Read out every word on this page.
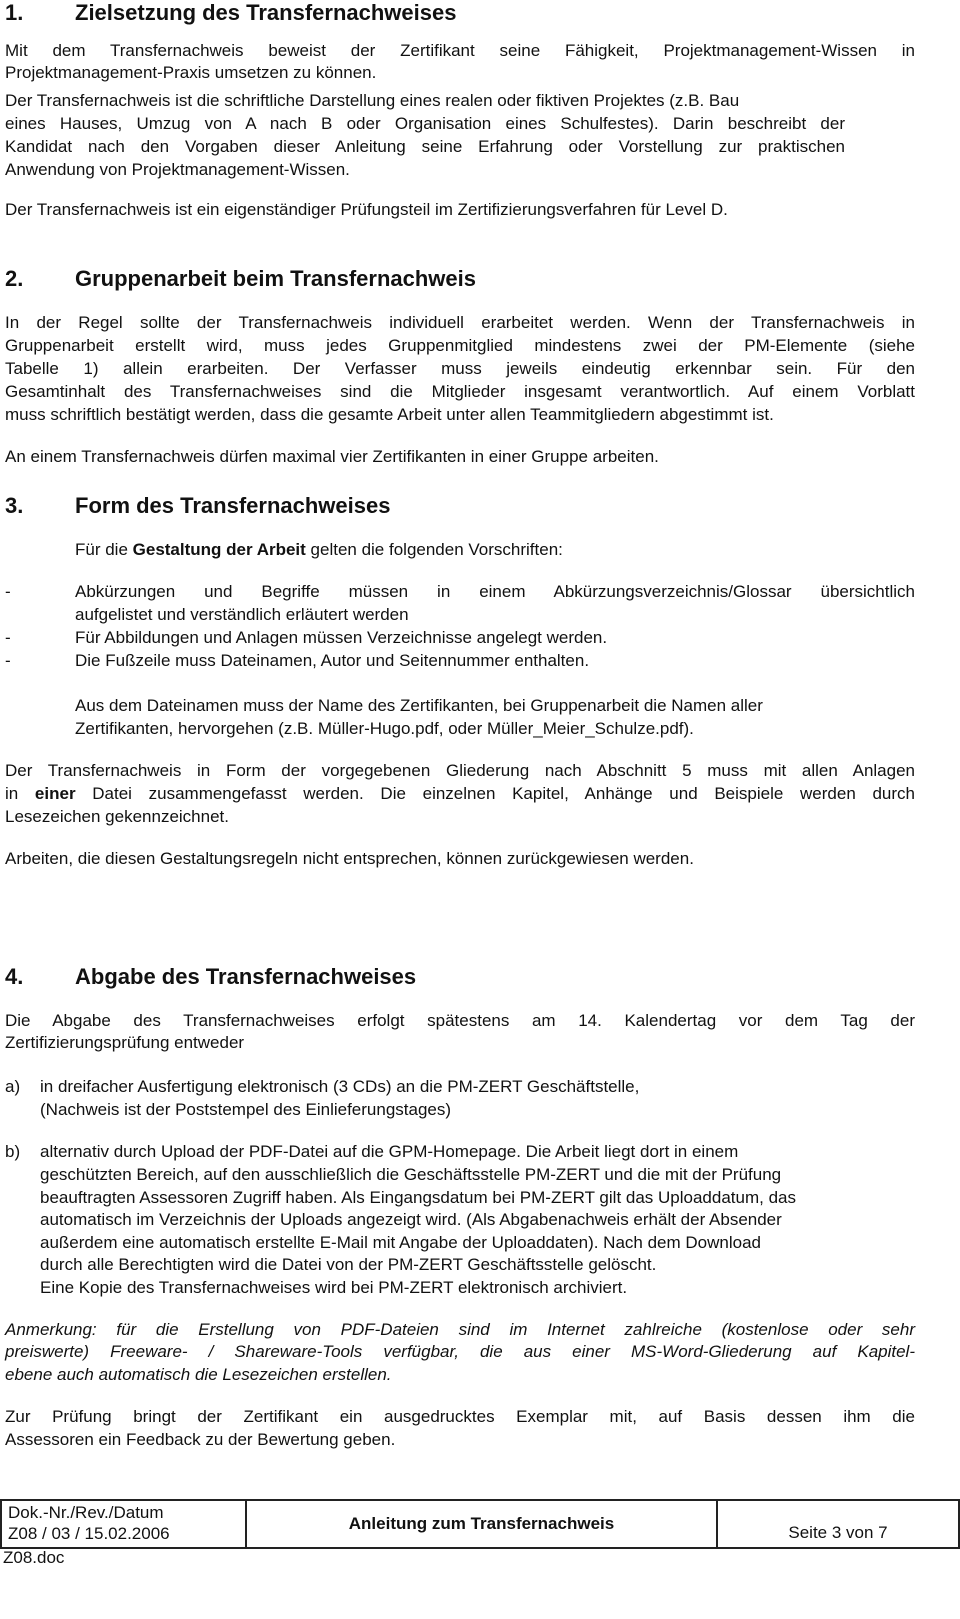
1. Zielsetzung des Transfernachweises
Mit dem Transfernachweis beweist der Zertifikant seine Fähigkeit, Projektmanagement-Wissen in
Projektmanagement-Praxis umsetzen zu können.
Der Transfernachweis ist die schriftliche Darstellung eines realen oder fiktiven Projektes (z.B. Bau
eines Hauses, Umzug von A nach B oder Organisation eines Schulfestes). Darin beschreibt der
Kandidat nach den Vorgaben dieser Anleitung seine Erfahrung oder Vorstellung zur praktischen
Anwendung von Projektmanagement-Wissen.
Der Transfernachweis ist ein eigenständiger Prüfungsteil im Zertifizierungsverfahren für Level D.
2. Gruppenarbeit beim Transfernachweis
In der Regel sollte der Transfernachweis individuell erarbeitet werden. Wenn der Transfernachweis in
Gruppenarbeit erstellt wird, muss jedes Gruppenmitglied mindestens zwei der PM-Elemente (siehe
Tabelle 1) allein erarbeiten. Der Verfasser muss jeweils eindeutig erkennbar sein. Für den
Gesamtinhalt des Transfernachweises sind die Mitglieder insgesamt verantwortlich. Auf einem Vorblatt
muss schriftlich bestätigt werden, dass die gesamte Arbeit unter allen Teammitgliedern abgestimmt ist.
An einem Transfernachweis dürfen maximal vier Zertifikanten in einer Gruppe arbeiten.
3. Form des Transfernachweises
Für die Gestaltung der Arbeit gelten die folgenden Vorschriften:
-	Abkürzungen und Begriffe müssen in einem Abkürzungsverzeichnis/Glossar übersichtlich
aufgelistet und verständlich erläutert werden
-	Für Abbildungen und Anlagen müssen Verzeichnisse angelegt werden.
-	Die Fußzeile muss Dateinamen, Autor und Seitennummer enthalten.
Aus dem Dateinamen muss der Name des Zertifikanten, bei Gruppenarbeit die Namen aller
Zertifikanten, hervorgehen (z.B. Müller-Hugo.pdf, oder Müller_Meier_Schulze.pdf).
Der Transfernachweis in Form der vorgegebenen Gliederung nach Abschnitt 5 muss mit allen Anlagen
in einer Datei zusammengefasst werden. Die einzelnen Kapitel, Anhänge und Beispiele werden durch
Lesezeichen gekennzeichnet.
Arbeiten, die diesen Gestaltungsregeln nicht entsprechen, können zurückgewiesen werden.
4. Abgabe des Transfernachweises
Die Abgabe des Transfernachweises erfolgt spätestens am 14. Kalendertag vor dem Tag der
Zertifizierungsprüfung entweder
a)	in dreifacher Ausfertigung elektronisch (3 CDs) an die PM-ZERT Geschäftstelle,
(Nachweis ist der Poststempel des Einlieferungstages)
b)	alternativ durch Upload der PDF-Datei auf die GPM-Homepage. Die Arbeit liegt dort in einem
geschützten Bereich, auf den ausschließlich die Geschäftsstelle PM-ZERT und die mit der Prüfung
beauftragten Assessoren Zugriff haben. Als Eingangsdatum bei PM-ZERT gilt das Uploaddatum, das
automatisch im Verzeichnis der Uploads angezeigt wird. (Als Abgabenachweis erhält der Absender
außerdem eine automatisch erstellte E-Mail mit Angabe der Uploaddaten). Nach dem Download
durch alle Berechtigten wird die Datei von der PM-ZERT Geschäftsstelle gelöscht.
Eine Kopie des Transfernachweises wird bei PM-ZERT elektronisch archiviert.
Anmerkung: für die Erstellung von PDF-Dateien sind im Internet zahlreiche (kostenlose oder sehr
preiswerte) Freeware- / Shareware-Tools verfügbar, die aus einer MS-Word-Gliederung auf Kapitel-
ebene auch automatisch die Lesezeichen erstellen.
Zur Prüfung bringt der Zertifikant ein ausgedrucktes Exemplar mit, auf Basis dessen ihm die
Assessoren ein Feedback zu der Bewertung geben.
Dok.-Nr./Rev./Datum
Z08 / 03 / 15.02.2006
Anleitung zum Transfernachweis	Seite 3 von 7
Z08.doc
